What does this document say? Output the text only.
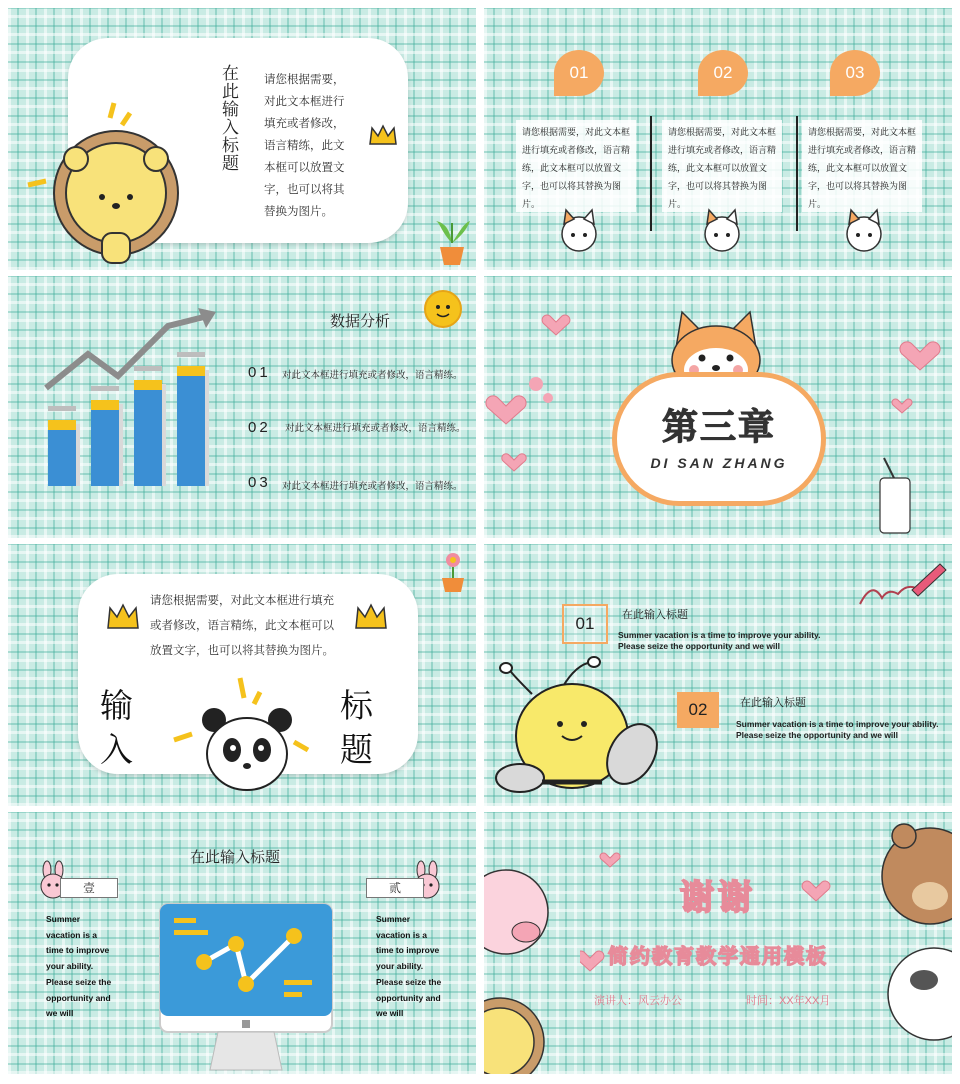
在此输入标题 请您根据需要，
对此文本框进行
填充或者修改，
语言精练，此文
本框可以放置文
字，也可以将其
替换为图片。
01	02	03
请您根据需要，对此文本框进行填充或者修改，语言精练，此文本框可以放置文字，也可以将其替换为图片。
请您根据需要，对此文本框进行填充或者修改，语言精练，此文本框可以放置文字，也可以将其替换为图片。
请您根据需要，对此文本框进行填充或者修改，语言精练，此文本框可以放置文字，也可以将其替换为图片。
数据分析
01 对此文本框进行填充或者修改，语言精练。
02 对此文本框进行填充或者修改，语言精练。
03 对此文本框进行填充或者修改，语言精练。
第三章
DI SAN ZHANG
请您根据需要，对此文本框进行填充
或者修改，语言精练，此文本框可以
放置文字，也可以将其替换为图片。
输
入
标
题
01	在此输入标题
Summer vacation is a time to improve your ability.
Please seize the opportunity and we will
02	在此输入标题
Summer vacation is a time to improve your ability.
Please seize the opportunity and we will
在此输入标题
壹	贰
Summer
vacation is a
time to improve
your ability.
Please seize the
opportunity and
we will
Summer
vacation is a
time to improve
your ability.
Please seize the
opportunity and
we will
谢谢
简约教育教学通用模板
演讲人：风云办公	时间：XX年XX月
